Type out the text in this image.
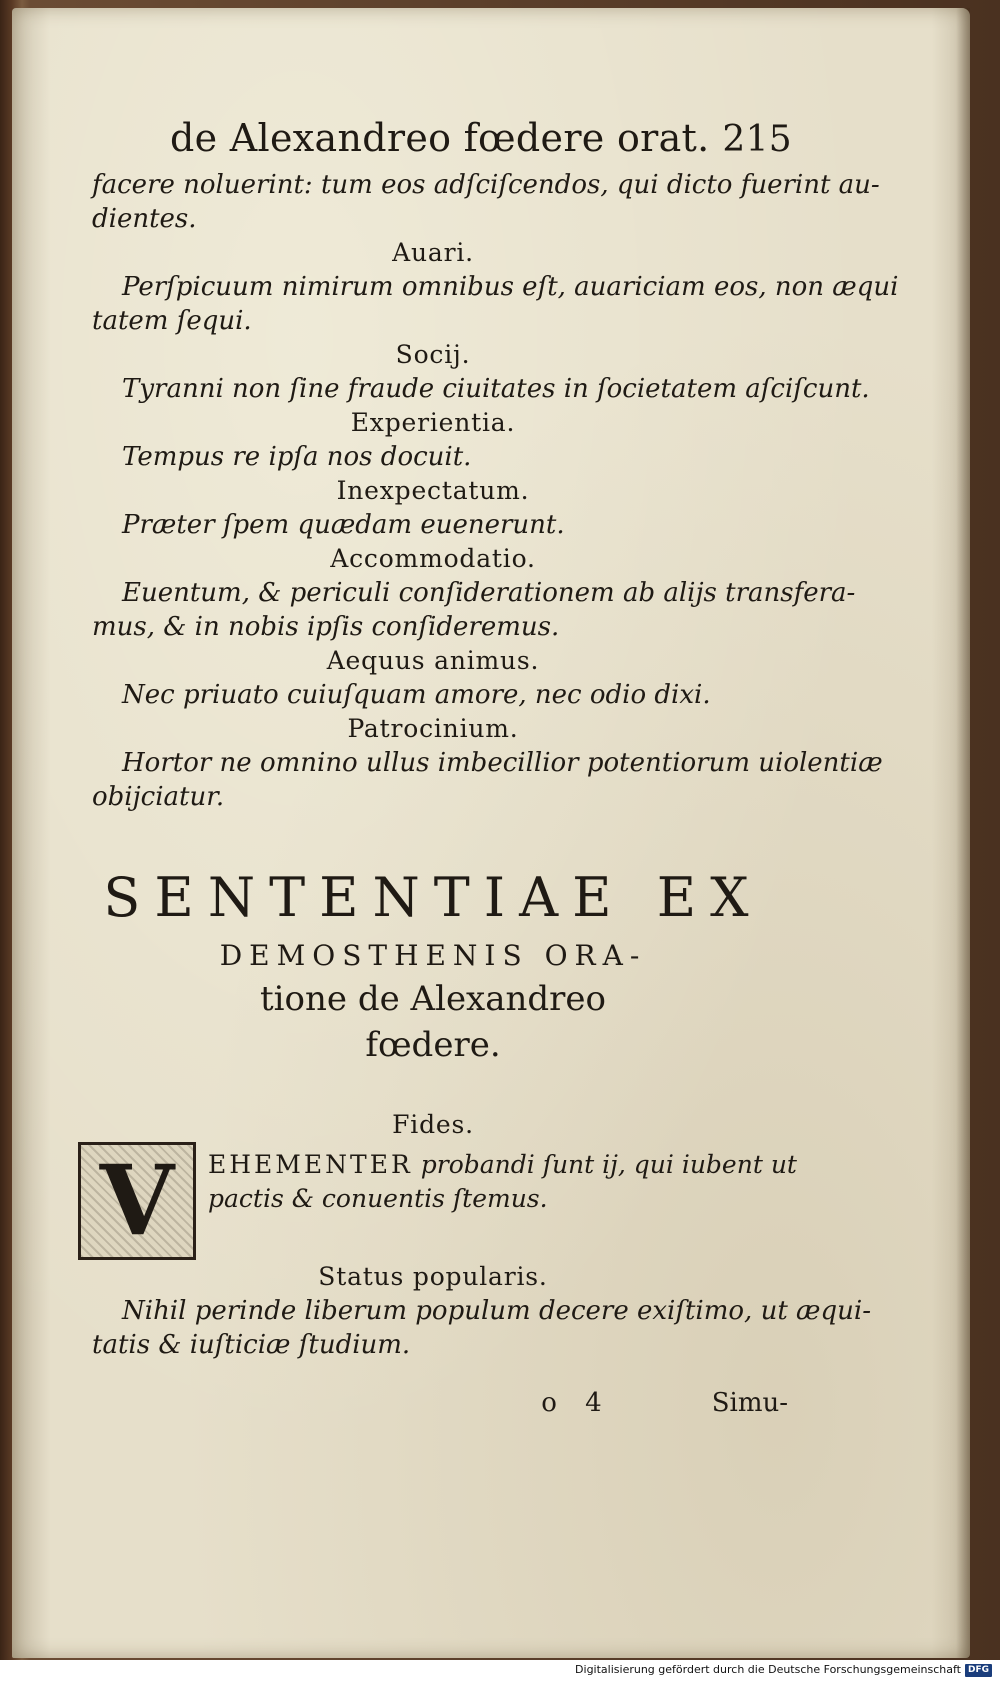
de Alexandreo fœdere orat. 215

facere noluerint: tum eos adſciſcendos, qui dicto fuerint au-

dientes.

Auari.

Perſpicuum nimirum omnibus eſt, auariciam eos, non æqui

tatem ſequi.

Socij.

Tyranni non ſine fraude ciuitates in ſocietatem aſciſcunt.

Experientia.

Tempus re ipſa nos docuit.

Inexpectatum.

Præter ſpem quædam euenerunt.

Accommodatio.

Euentum, & periculi conſiderationem ab alijs transfera-

mus, & in nobis ipſis conſideremus.

Aequus animus.

Nec priuato cuiuſquam amore, nec odio dixi.

Patrocinium.

Hortor ne omnino ullus imbecillior potentiorum uiolentiæ

obijciatur.

SENTENTIAE EX
DEMOSTHENIS ORA-
tione de Alexandreo
fœdere.

Fides.

V	EHEMENTER probandi ſunt ij, qui iubent ut

pactis & conuentis ſtemus.

Status popularis.

Nihil perinde liberum populum decere exiſtimo, ut æqui-

tatis & iuſticiæ ſtudium.

o 4	Simu-
Digitalisierung gefördert durch die Deutsche Forschungsgemeinschaft DFG
